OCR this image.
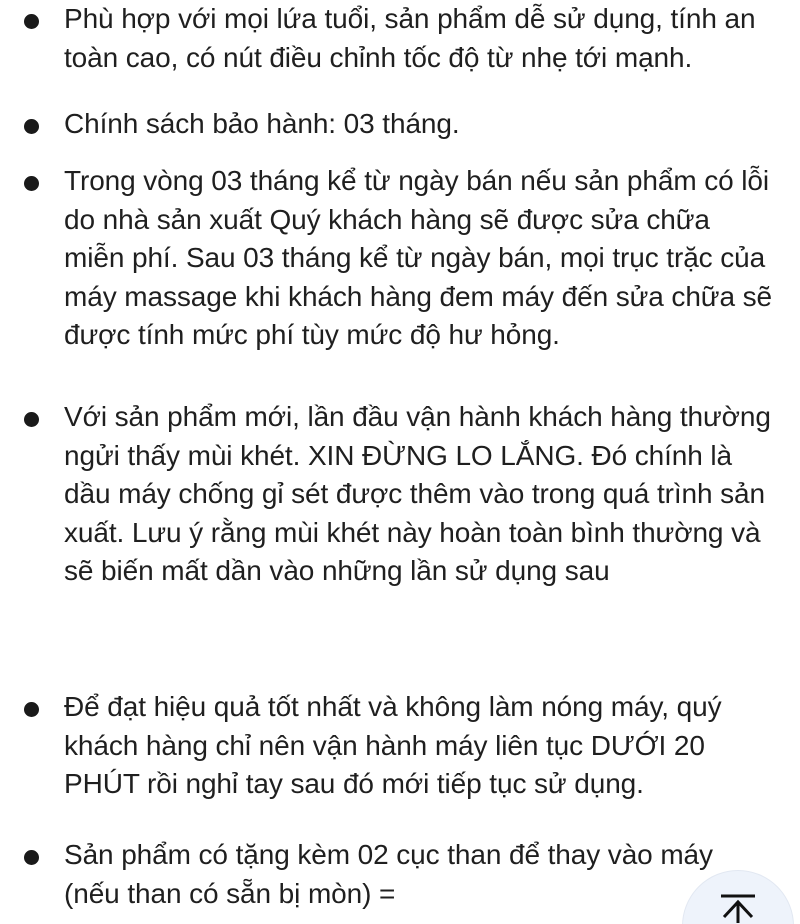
Phù hợp với mọi lứa tuổi, sản phẩm dễ sử dụng, tính an toàn cao, có nút điều chỉnh tốc độ từ nhẹ tới mạnh.
Chính sách bảo hành: 03 tháng.
Trong vòng 03 tháng kể từ ngày bán nếu sản phẩm có lỗi do nhà sản xuất Quý khách hàng sẽ được sửa chữa miễn phí. Sau 03 tháng kể từ ngày bán, mọi trục trặc của máy massage khi khách hàng đem máy đến sửa chữa sẽ được tính mức phí tùy mức độ hư hỏng.
Với sản phẩm mới, lần đầu vận hành khách hàng thường ngửi thấy mùi khét. XIN ĐỪNG LO LẮNG. Đó chính là dầu máy chống gỉ sét được thêm vào trong quá trình sản xuất. Lưu ý rằng mùi khét này hoàn toàn bình thường và sẽ biến mất dần vào những lần sử dụng sau
Để đạt hiệu quả tốt nhất và không làm nóng máy, quý khách hàng chỉ nên vận hành máy liên tục DƯỚI 20 PHÚT rồi nghỉ tay sau đó mới tiếp tục sử dụng.
Sản phẩm có tặng kèm 02 cục than để thay vào máy (nếu than có sẵn bị mòn) =
